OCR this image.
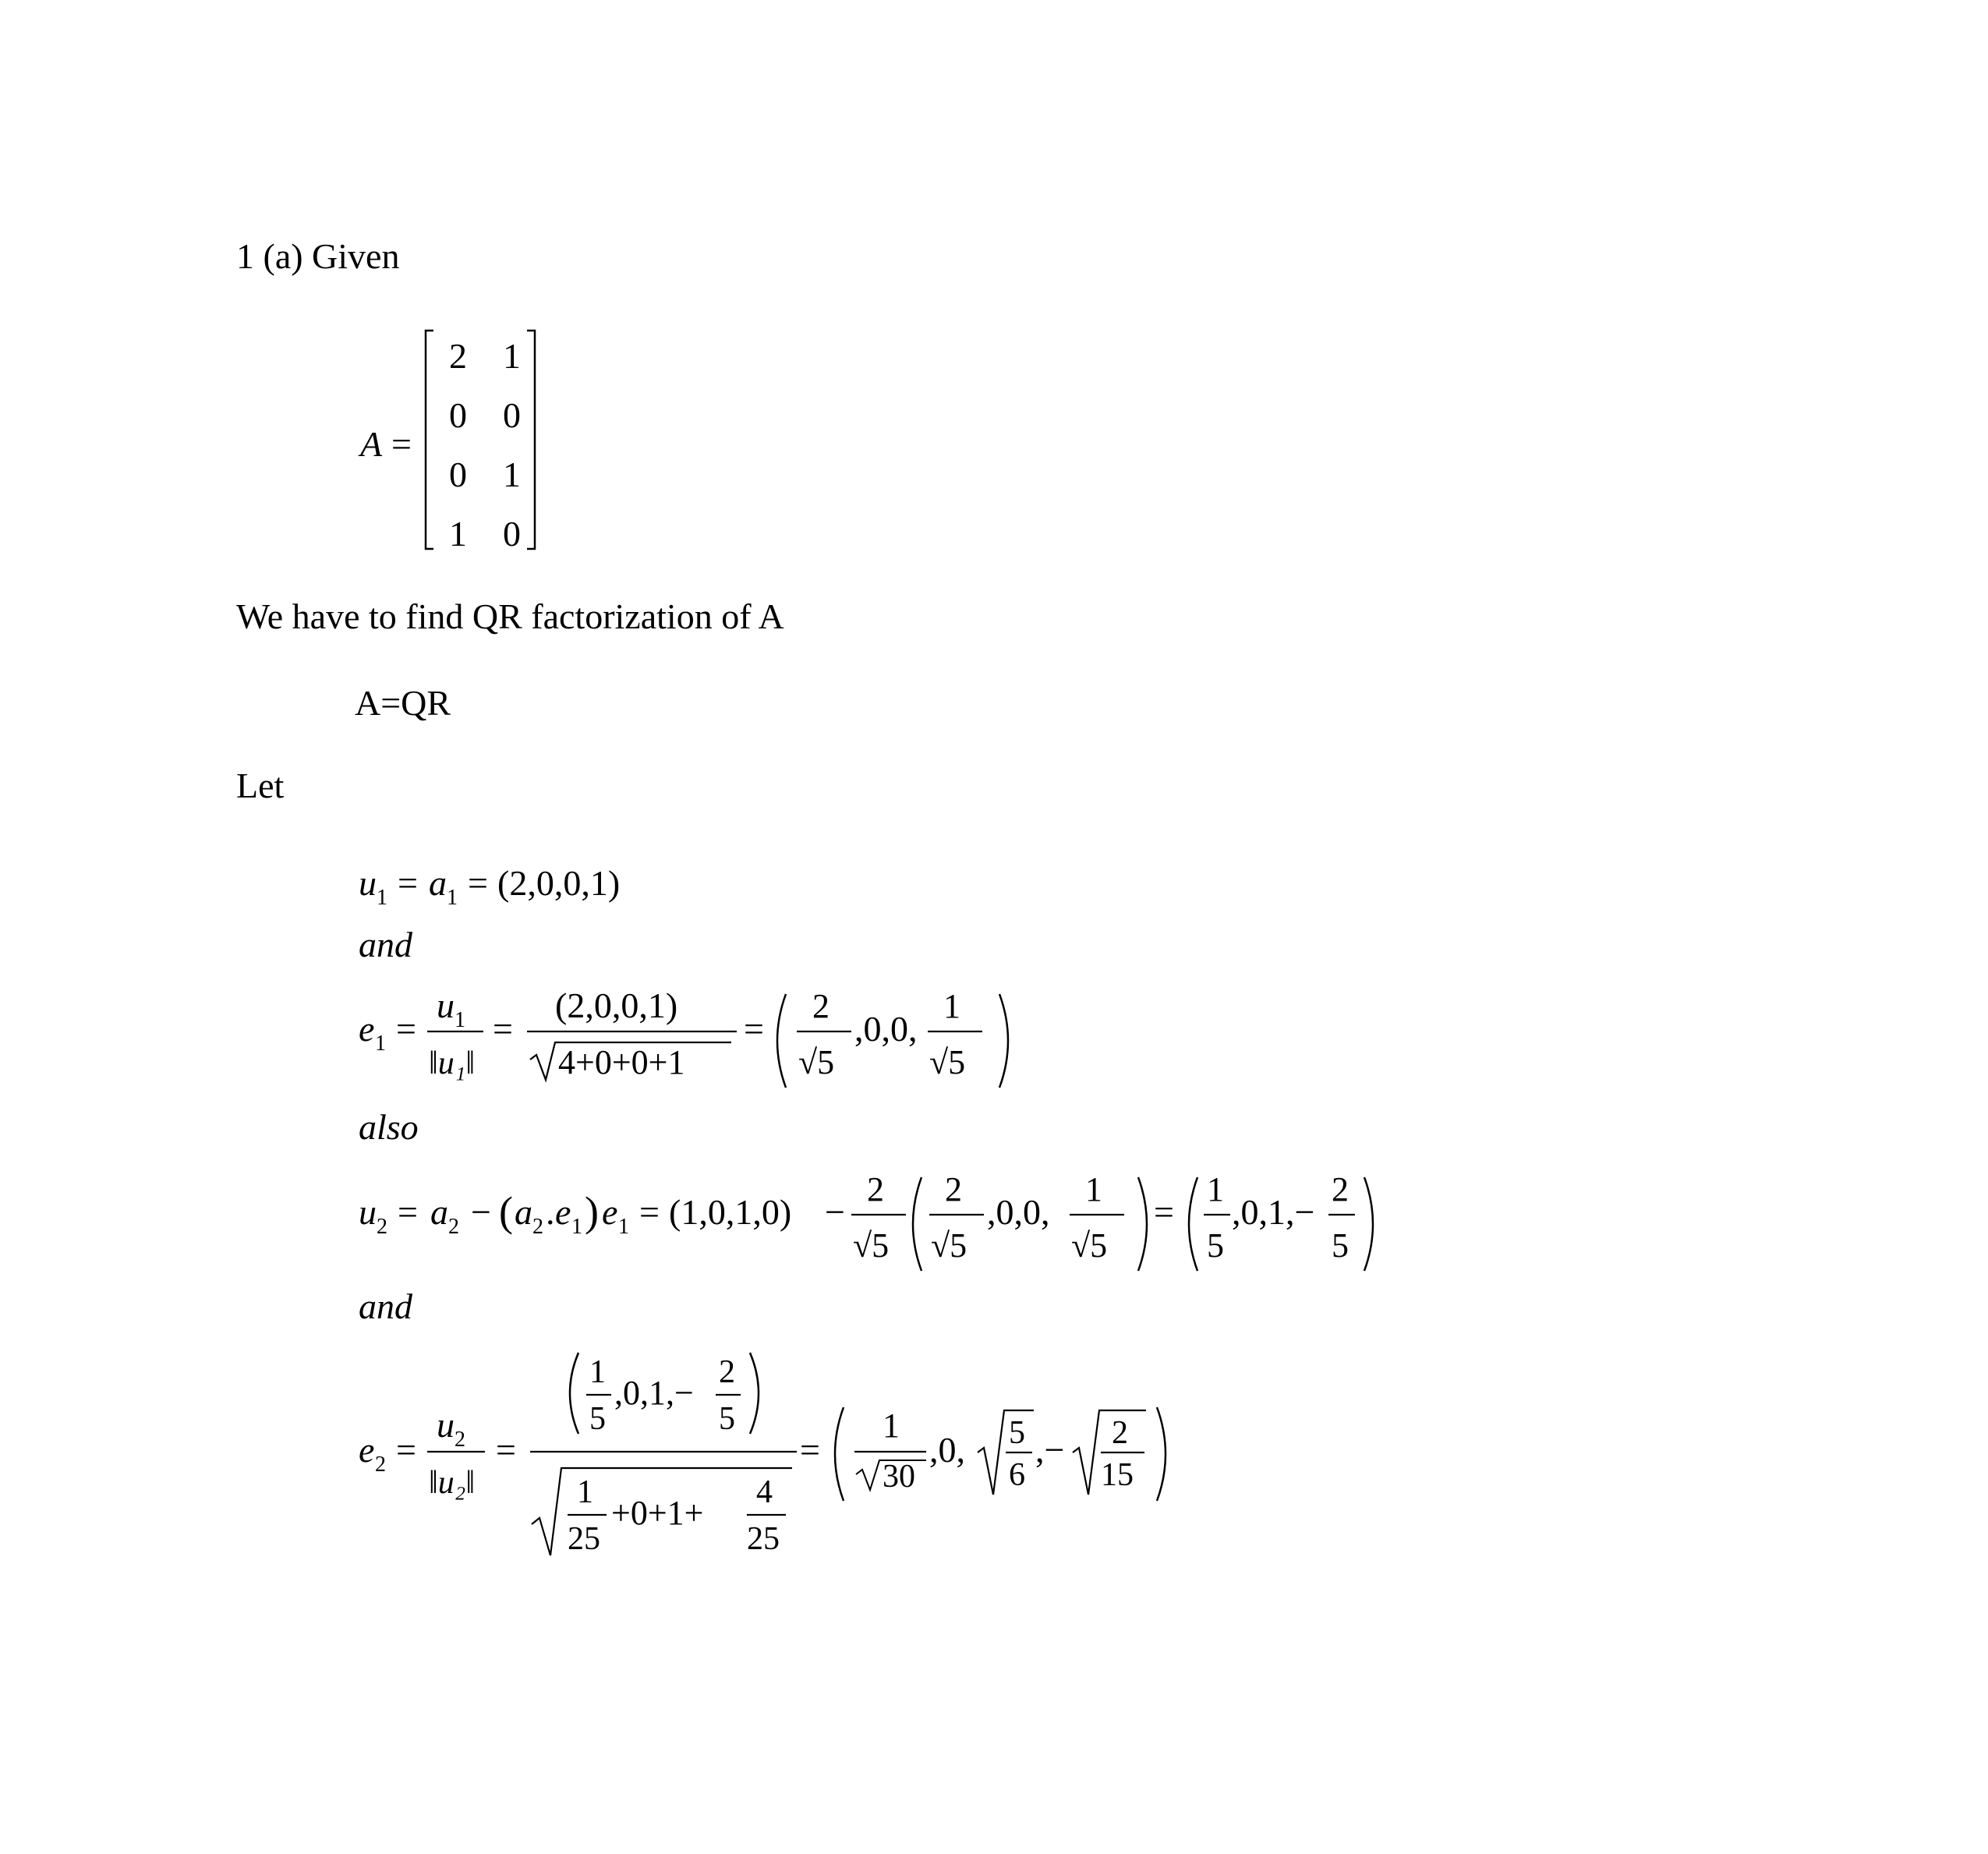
1 (a) Given
A =
2 1
0 0
0 1
1 0
We have to find QR factorization of A
A=QR
Let
u 1 = a 1 = (2,0,0,1)
and
e 1 =
u 1
‖u₁‖
=
(2,0,0,1)
4+0+0+1
=
2
√5
,0,0,
1
√5
also
u 2 = a 2 − ( a 2 . e 1 ) e 1 = (1,0,1,0) −
2
√5
2
√5
,0,0,
1
√5
=
1
5
,0,1,−
2
5
and
e 2 =
u 2
‖u₂‖
=
1
5
,0,1,−
2
5
1
25
+0+1+
4
25
=
1
30
,0, 5
6
,− 2
15
